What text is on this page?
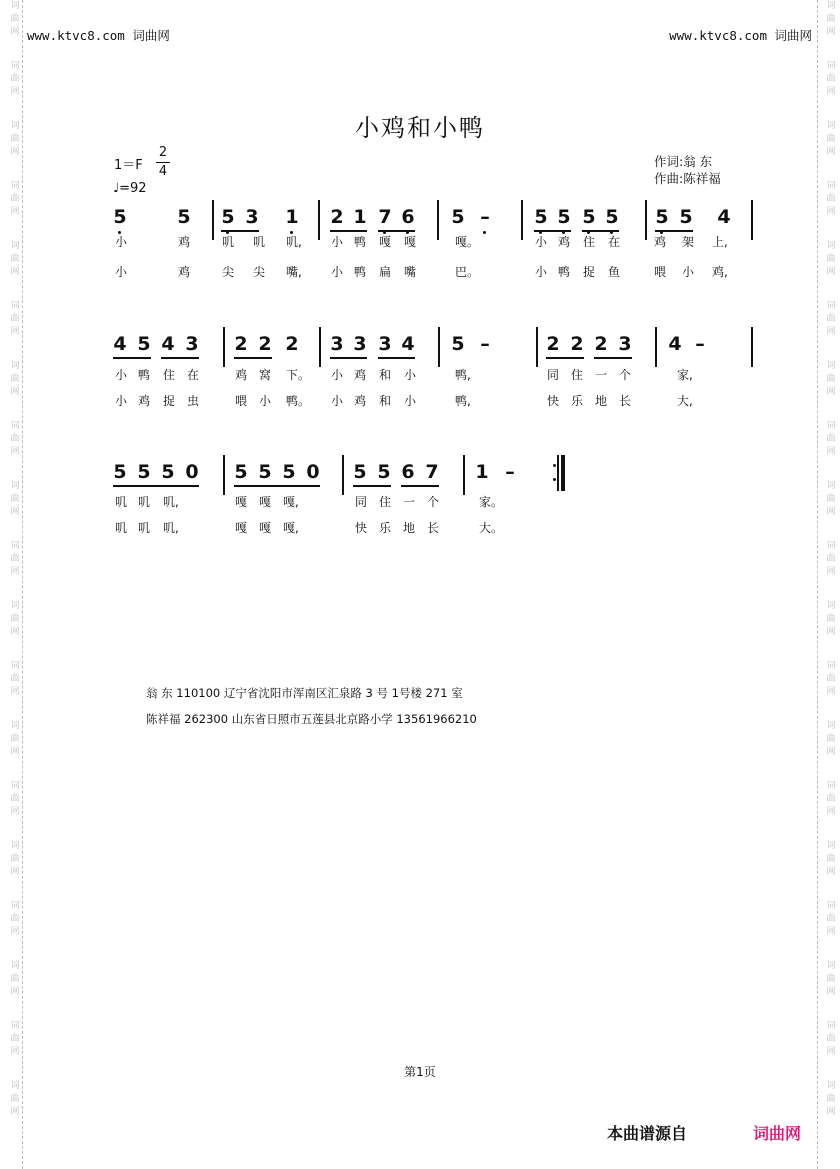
词
曲
网
词
曲
网
词
曲
网
词
曲
网
词
曲
网
词
曲
网
词
曲
网
词
曲
网
词
曲
网
词
曲
网
词
曲
网
词
曲
网
词
曲
网
词
曲
网
词
曲
网
词
曲
网
词
曲
网
词
曲
网
词
曲
网
词
曲
网
词
曲
网
词
曲
网
词
曲
网
词
曲
网
词
曲
网
词
曲
网
词
曲
网
词
曲
网
词
曲
网
词
曲
网
词
曲
网
词
曲
网
词
曲
网
词
曲
网
词
曲
网
词
曲
网
词
曲
网
词
曲
网
www.ktvc8.com 词曲网	www.ktvc8.com 词曲网
小鸡和小鸭
1＝F
2
4
♩=92
作词:翁 东
作曲:陈祥福
5	5 5 3 1 2 1 7 6 5 – 5 5 5 5 5 5 4
小	鸡	叽 叽 叽, 小 鸭 嘎 嘎	嘎。	小 鸡 住 在	鸡 架 上,
小	鸡	尖 尖 嘴, 小 鸭 扁 嘴	巴。	小 鸭 捉 鱼	喂 小 鸡,
4 5 4 3 2 2 2 3 3 3 4 5 –	2 2 2 3 4 –
小 鸭 住 在	鸡 窝 下。 小 鸡 和 小	鸭,	同 住 一 个	家,
小 鸡 捉 虫	喂 小 鸭。 小 鸡 和 小	鸭,	快 乐 地 长	大,
5 5 5 0 5 5 5 0 5 5 6 7 1 –
叽 叽 叽,	嘎 嘎 嘎,	同 住 一 个	家。
叽 叽 叽,	嘎 嘎 嘎,	快 乐 地 长	大。
翁 东 110100 辽宁省沈阳市浑南区汇泉路 3 号 1号楼 271 室
陈祥福 262300 山东省日照市五莲县北京路小学 13561966210
第1页
本曲谱源自	词曲网
